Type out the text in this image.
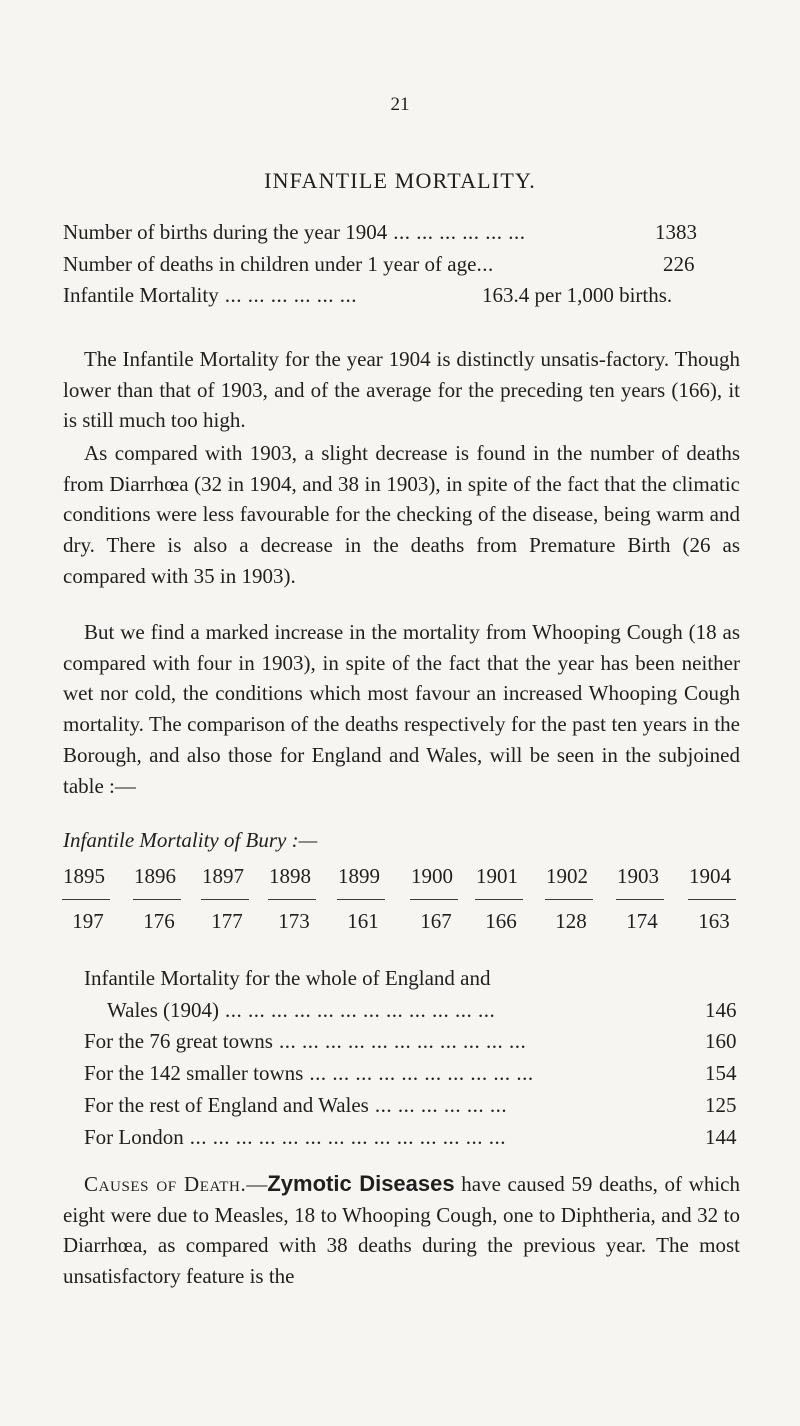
21
INFANTILE MORTALITY.
Number of births during the year 1904 ... ... ... ... ... ...	1383
Number of deaths in children under 1 year of age...	226
Infantile Mortality ... ... ... ... ... ...	163.4 per 1,000 births.
The Infantile Mortality for the year 1904 is distinctly unsatis-factory. Though lower than that of 1903, and of the average for the preceding ten years (166), it is still much too high.
As compared with 1903, a slight decrease is found in the number of deaths from Diarrhœa (32 in 1904, and 38 in 1903), in spite of the fact that the climatic conditions were less favourable for the checking of the disease, being warm and dry. There is also a decrease in the deaths from Premature Birth (26 as compared with 35 in 1903).
But we find a marked increase in the mortality from Whooping Cough (18 as compared with four in 1903), in spite of the fact that the year has been neither wet nor cold, the conditions which most favour an increased Whooping Cough mortality. The comparison of the deaths respectively for the past ten years in the Borough, and also those for England and Wales, will be seen in the subjoined table :—
Infantile Mortality of Bury :—
1895	1896	1897	1898	1899	1900	1901	1902	1903	1904
197	176	177	173	161	167	166	128	174	163
Infantile Mortality for the whole of England and
Wales (1904) ... ... ... ... ... ... ... ... ... ... ... ...	146
For the 76 great towns ... ... ... ... ... ... ... ... ... ... ...	160
For the 142 smaller towns ... ... ... ... ... ... ... ... ... ...	154
For the rest of England and Wales ... ... ... ... ... ...	125
For London ... ... ... ... ... ... ... ... ... ... ... ... ... ...	144
Causes of Death.—Zymotic Diseases have caused 59 deaths, of which eight were due to Measles, 18 to Whooping Cough, one to Diphtheria, and 32 to Diarrhœa, as compared with 38 deaths during the previous year. The most unsatisfactory feature is the
